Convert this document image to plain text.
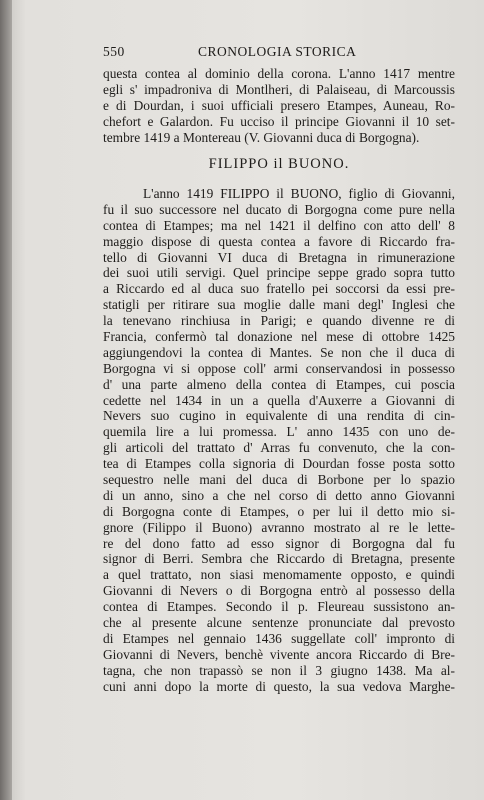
550	CRONOLOGIA STORICA
questa contea al dominio della corona. L'anno 1417 mentre
egli s' impadroniva di Montlheri, di Palaiseau, di Marcoussis
e di Dourdan, i suoi ufficiali presero Etampes, Auneau, Ro-
chefort e Galardon. Fu ucciso il principe Giovanni il 10 set-
tembre 1419 a Montereau (V. Giovanni duca di Borgogna).
FILIPPO il BUONO.
L'anno 1419 FILIPPO il BUONO, figlio di Giovanni,
fu il suo successore nel ducato di Borgogna come pure nella
contea di Etampes; ma nel 1421 il delfino con atto dell' 8
maggio dispose di questa contea a favore di Riccardo fra-
tello di Giovanni VI duca di Bretagna in rimunerazione
dei suoi utili servigi. Quel principe seppe grado sopra tutto
a Riccardo ed al duca suo fratello pei soccorsi da essi pre-
statigli per ritirare sua moglie dalle mani degl' Inglesi che
la tenevano rinchiusa in Parigi; e quando divenne re di
Francia, confermò tal donazione nel mese di ottobre 1425
aggiungendovi la contea di Mantes. Se non che il duca di
Borgogna vi si oppose coll' armi conservandosi in possesso
d' una parte almeno della contea di Etampes, cui poscia
cedette nel 1434 in un a quella d'Auxerre a Giovanni di
Nevers suo cugino in equivalente di una rendita di cin-
quemila lire a lui promessa. L' anno 1435 con uno de-
gli articoli del trattato d' Arras fu convenuto, che la con-
tea di Etampes colla signoria di Dourdan fosse posta sotto
sequestro nelle mani del duca di Borbone per lo spazio
di un anno, sino a che nel corso di detto anno Giovanni
di Borgogna conte di Etampes, o per lui il detto mio si-
gnore (Filippo il Buono) avranno mostrato al re le lette-
re del dono fatto ad esso signor di Borgogna dal fu
signor di Berri. Sembra che Riccardo di Bretagna, presente
a quel trattato, non siasi menomamente opposto, e quindi
Giovanni di Nevers o di Borgogna entrò al possesso della
contea di Etampes. Secondo il p. Fleureau sussistono an-
che al presente alcune sentenze pronunciate dal prevosto
di Etampes nel gennaio 1436 suggellate coll' impronto di
Giovanni di Nevers, benchè vivente ancora Riccardo di Bre-
tagna, che non trapassò se non il 3 giugno 1438. Ma al-
cuni anni dopo la morte di questo, la sua vedova Marghe-
